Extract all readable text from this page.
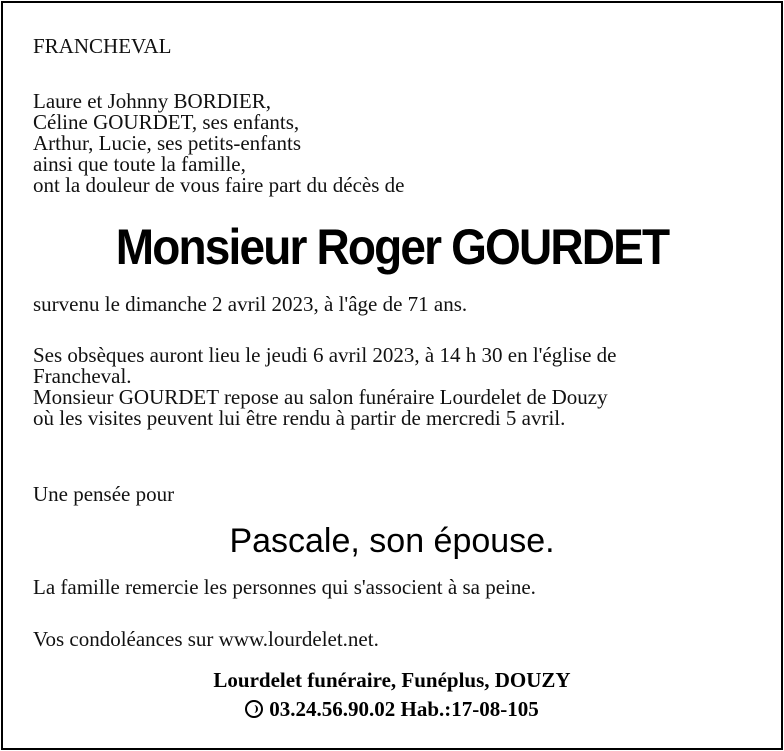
FRANCHEVAL
Laure et Johnny BORDIER,
Céline GOURDET, ses enfants,
Arthur, Lucie, ses petits-enfants
ainsi que toute la famille,
ont la douleur de vous faire part du décès de
Monsieur Roger GOURDET
survenu le dimanche 2 avril 2023, à l'âge de 71 ans.
Ses obsèques auront lieu le jeudi 6 avril 2023, à 14 h 30 en l'église de
Francheval.
Monsieur GOURDET repose au salon funéraire Lourdelet de Douzy
où les visites peuvent lui être rendu à partir de mercredi 5 avril.
Une pensée pour
Pascale, son épouse.
La famille remercie les personnes qui s'associent à sa peine.
Vos condoléances sur www.lourdelet.net.
Lourdelet funéraire, Funéplus, DOUZY
03.24.56.90.02 Hab.:17-08-105
